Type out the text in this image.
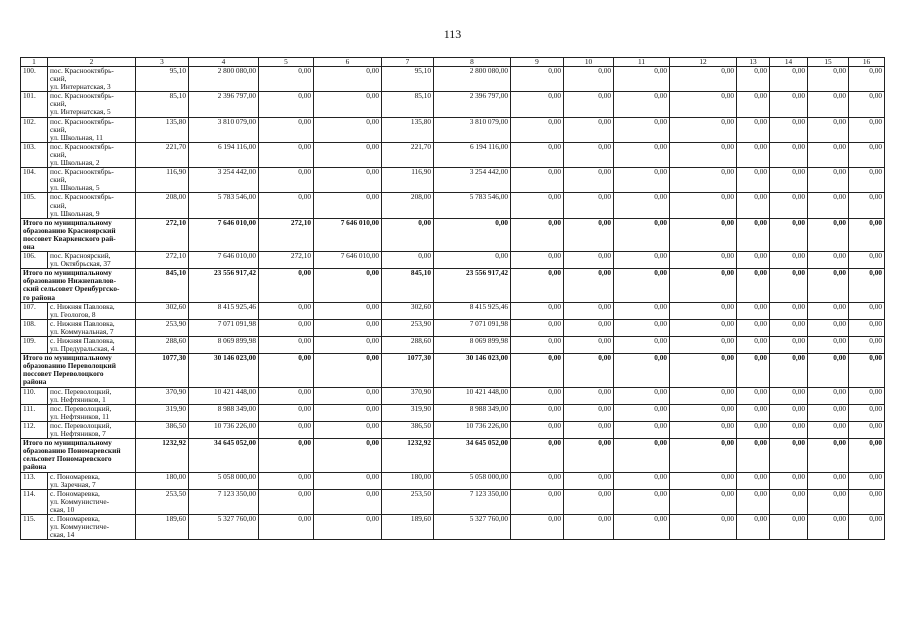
113
1	2	3	4	5	6	7	8	9	10	11	12	13	14	15	16
100.	пос. Краснооктябрь-
ский,
ул. Интернатская, 3	95,10	2 800 080,00	0,00	0,00	95,10	2 800 080,00	0,00	0,00	0,00	0,00	0,00	0,00	0,00	0,00
101.	пос. Краснооктябрь-
ский,
ул. Интернатская, 5	85,10	2 396 797,00	0,00	0,00	85,10	2 396 797,00	0,00	0,00	0,00	0,00	0,00	0,00	0,00	0,00
102.	пос. Краснооктябрь-
ский,
ул. Школьная, 11	135,80	3 810 079,00	0,00	0,00	135,80	3 810 079,00	0,00	0,00	0,00	0,00	0,00	0,00	0,00	0,00
103.	пос. Краснооктябрь-
ский,
ул. Школьная, 2	221,70	6 194 116,00	0,00	0,00	221,70	6 194 116,00	0,00	0,00	0,00	0,00	0,00	0,00	0,00	0,00
104.	пос. Краснооктябрь-
ский,
ул. Школьная, 5	116,90	3 254 442,00	0,00	0,00	116,90	3 254 442,00	0,00	0,00	0,00	0,00	0,00	0,00	0,00	0,00
105.	пос. Краснооктябрь-
ский,
ул. Школьная, 9	208,00	5 783 546,00	0,00	0,00	208,00	5 783 546,00	0,00	0,00	0,00	0,00	0,00	0,00	0,00	0,00

Итого по муниципальному
образованию Красноярский
поссовет Кваркенского рай-
она		272,10	7 646 010,00	272,10	7 646 010,00	0,00	0,00	0,00	0,00	0,00	0,00	0,00	0,00	0,00	0,00
106.	пос. Красноярский,
ул. Октябрьская, 37	272,10	7 646 010,00	272,10	7 646 010,00	0,00	0,00	0,00	0,00	0,00	0,00	0,00	0,00	0,00	0,00

Итого по муниципальному
образованию Нижнепавлов-
ский сельсовет Оренбургско-
го района		845,10	23 556 917,42	0,00	0,00	845,10	23 556 917,42	0,00	0,00	0,00	0,00	0,00	0,00	0,00	0,00
107.	с. Нижняя Павловка,
ул. Геологов, 8	302,60	8 415 925,46	0,00	0,00	302,60	8 415 925,46	0,00	0,00	0,00	0,00	0,00	0,00	0,00	0,00
108.	с. Нижняя Павловка,
ул. Коммунальная, 7	253,90	7 071 091,98	0,00	0,00	253,90	7 071 091,98	0,00	0,00	0,00	0,00	0,00	0,00	0,00	0,00
109.	с. Нижняя Павловка,
ул. Предуральская, 4	288,60	8 069 899,98	0,00	0,00	288,60	8 069 899,98	0,00	0,00	0,00	0,00	0,00	0,00	0,00	0,00

Итого по муниципальному
образованию Переволоцкий
поссовет Переволоцкого
района		1077,30	30 146 023,00	0,00	0,00	1077,30	30 146 023,00	0,00	0,00	0,00	0,00	0,00	0,00	0,00	0,00
110.	пос. Переволоцкий,
ул. Нефтяников, 1	370,90	10 421 448,00	0,00	0,00	370,90	10 421 448,00	0,00	0,00	0,00	0,00	0,00	0,00	0,00	0,00
111.	пос. Переволоцкий,
ул. Нефтяников, 11	319,90	8 988 349,00	0,00	0,00	319,90	8 988 349,00	0,00	0,00	0,00	0,00	0,00	0,00	0,00	0,00
112.	пос. Переволоцкий,
ул. Нефтяников, 7	386,50	10 736 226,00	0,00	0,00	386,50	10 736 226,00	0,00	0,00	0,00	0,00	0,00	0,00	0,00	0,00

Итого по муниципальному
образованию Пономаревский
сельсовет Пономаревского
района		1232,92	34 645 052,00	0,00	0,00	1232,92	34 645 052,00	0,00	0,00	0,00	0,00	0,00	0,00	0,00	0,00
113.	с. Пономаревка,
ул. Заречная, 7	180,00	5 058 000,00	0,00	0,00	180,00	5 058 000,00	0,00	0,00	0,00	0,00	0,00	0,00	0,00	0,00
114.	с. Пономаревка,
ул. Коммунистиче-
ская, 10	253,50	7 123 350,00	0,00	0,00	253,50	7 123 350,00	0,00	0,00	0,00	0,00	0,00	0,00	0,00	0,00
115.	с. Пономаревка,
ул. Коммунистиче-
ская, 14	189,60	5 327 760,00	0,00	0,00	189,60	5 327 760,00	0,00	0,00	0,00	0,00	0,00	0,00	0,00	0,00
